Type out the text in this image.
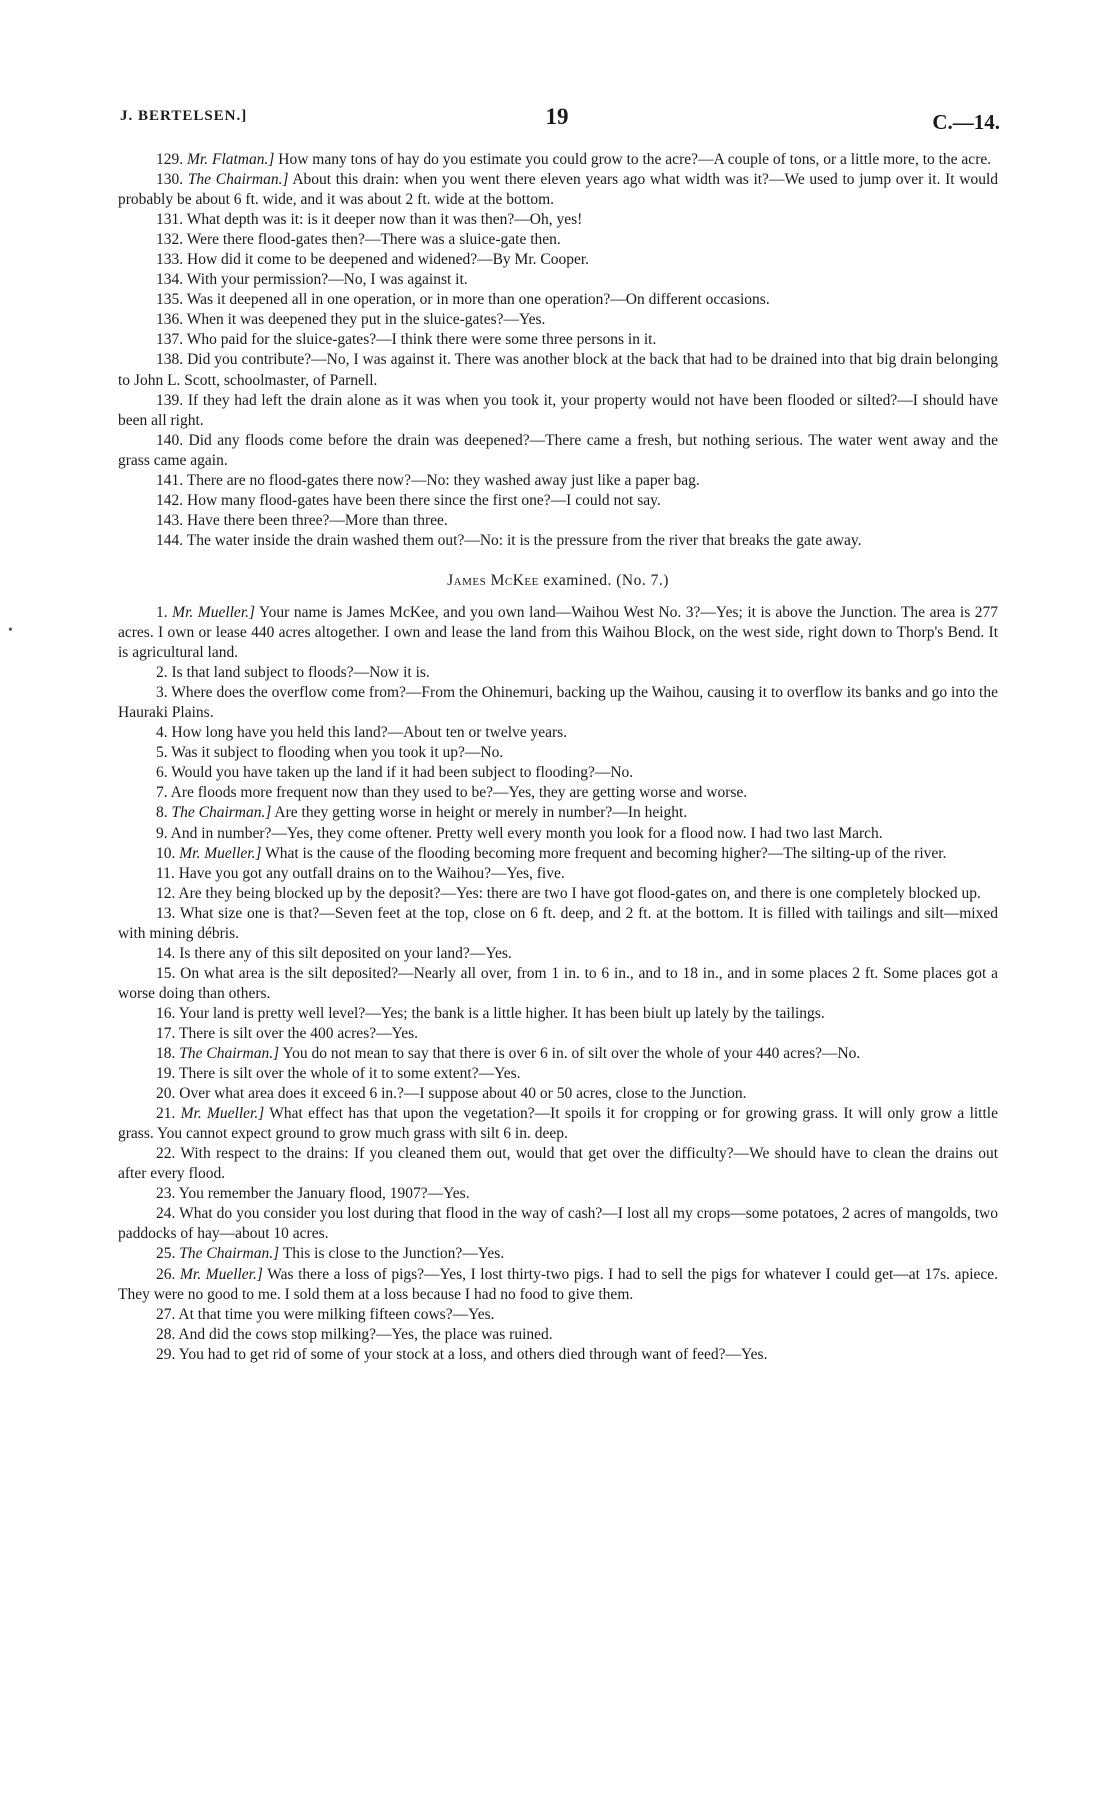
J. BERTELSEN.]	19	C.—14.
•

129. Mr. Flatman.] How many tons of hay do you estimate you could grow to the acre?—A couple of tons, or a little more, to the acre.

130. The Chairman.] About this drain: when you went there eleven years ago what width was it?—We used to jump over it. It would probably be about 6 ft. wide, and it was about 2 ft. wide at the bottom.

131. What depth was it: is it deeper now than it was then?—Oh, yes!

132. Were there flood-gates then?—There was a sluice-gate then.

133. How did it come to be deepened and widened?—By Mr. Cooper.

134. With your permission?—No, I was against it.

135. Was it deepened all in one operation, or in more than one operation?—On different occasions.

136. When it was deepened they put in the sluice-gates?—Yes.

137. Who paid for the sluice-gates?—I think there were some three persons in it.

138. Did you contribute?—No, I was against it. There was another block at the back that had to be drained into that big drain belonging to John L. Scott, schoolmaster, of Parnell.

139. If they had left the drain alone as it was when you took it, your property would not have been flooded or silted?—I should have been all right.

140. Did any floods come before the drain was deepened?—There came a fresh, but nothing serious. The water went away and the grass came again.

141. There are no flood-gates there now?—No: they washed away just like a paper bag.

142. How many flood-gates have been there since the first one?—I could not say.

143. Have there been three?—More than three.

144. The water inside the drain washed them out?—No: it is the pressure from the river that breaks the gate away.

James McKee examined. (No. 7.)

1. Mr. Mueller.] Your name is James McKee, and you own land—Waihou West No. 3?—Yes; it is above the Junction. The area is 277 acres. I own or lease 440 acres altogether. I own and lease the land from this Waihou Block, on the west side, right down to Thorp's Bend. It is agricultural land.

2. Is that land subject to floods?—Now it is.

3. Where does the overflow come from?—From the Ohinemuri, backing up the Waihou, causing it to overflow its banks and go into the Hauraki Plains.

4. How long have you held this land?—About ten or twelve years.

5. Was it subject to flooding when you took it up?—No.

6. Would you have taken up the land if it had been subject to flooding?—No.

7. Are floods more frequent now than they used to be?—Yes, they are getting worse and worse.

8. The Chairman.] Are they getting worse in height or merely in number?—In height.

9. And in number?—Yes, they come oftener. Pretty well every month you look for a flood now. I had two last March.

10. Mr. Mueller.] What is the cause of the flooding becoming more frequent and becoming higher?—The silting-up of the river.

11. Have you got any outfall drains on to the Waihou?—Yes, five.

12. Are they being blocked up by the deposit?—Yes: there are two I have got flood-gates on, and there is one completely blocked up.

13. What size one is that?—Seven feet at the top, close on 6 ft. deep, and 2 ft. at the bottom. It is filled with tailings and silt—mixed with mining débris.

14. Is there any of this silt deposited on your land?—Yes.

15. On what area is the silt deposited?—Nearly all over, from 1 in. to 6 in., and to 18 in., and in some places 2 ft. Some places got a worse doing than others.

16. Your land is pretty well level?—Yes; the bank is a little higher. It has been biult up lately by the tailings.

17. There is silt over the 400 acres?—Yes.

18. The Chairman.] You do not mean to say that there is over 6 in. of silt over the whole of your 440 acres?—No.

19. There is silt over the whole of it to some extent?—Yes.

20. Over what area does it exceed 6 in.?—I suppose about 40 or 50 acres, close to the Junction.

21. Mr. Mueller.] What effect has that upon the vegetation?—It spoils it for cropping or for growing grass. It will only grow a little grass. You cannot expect ground to grow much grass with silt 6 in. deep.

22. With respect to the drains: If you cleaned them out, would that get over the difficulty?—We should have to clean the drains out after every flood.

23. You remember the January flood, 1907?—Yes.

24. What do you consider you lost during that flood in the way of cash?—I lost all my crops—some potatoes, 2 acres of mangolds, two paddocks of hay—about 10 acres.

25. The Chairman.] This is close to the Junction?—Yes.

26. Mr. Mueller.] Was there a loss of pigs?—Yes, I lost thirty-two pigs. I had to sell the pigs for whatever I could get—at 17s. apiece. They were no good to me. I sold them at a loss because I had no food to give them.

27. At that time you were milking fifteen cows?—Yes.

28. And did the cows stop milking?—Yes, the place was ruined.

29. You had to get rid of some of your stock at a loss, and others died through want of feed?—Yes.
